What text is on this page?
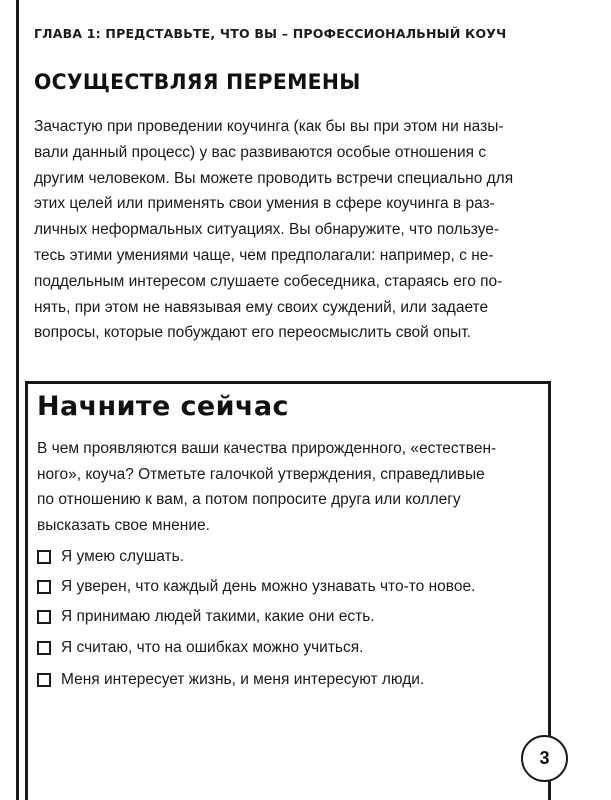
ГЛАВА 1: ПРЕДСТАВЬТЕ, ЧТО ВЫ – ПРОФЕССИОНАЛЬНЫЙ КОУЧ
ОСУЩЕСТВЛЯЯ ПЕРЕМЕНЫ

Зачастую при проведении коучинга (как бы вы при этом ни назы-
вали данный процесс) у вас развиваются особые отношения с
другим человеком. Вы можете проводить встречи специально для
этих целей или применять свои умения в сфере коучинга в раз-
личных неформальных ситуациях. Вы обнаружите, что пользуе-
тесь этими умениями чаще, чем предполагали: например, с не-
поддельным интересом слушаете собеседника, стараясь его по-
нять, при этом не навязывая ему своих суждений, или задаете
вопросы, которые побуждают его переосмыслить свой опыт.

Начните сейчас

В чем проявляются ваши качества прирожденного, «естествен-
ного», коуча? Отметьте галочкой утверждения, справедливые
по отношению к вам, а потом попросите друга или коллегу
высказать свое мнение.

Я умею слушать.
Я уверен, что каждый день можно узнавать что-то новое.
Я принимаю людей такими, какие они есть.
Я считаю, что на ошибках можно учиться.
Меня интересует жизнь, и меня интересуют люди.
3
